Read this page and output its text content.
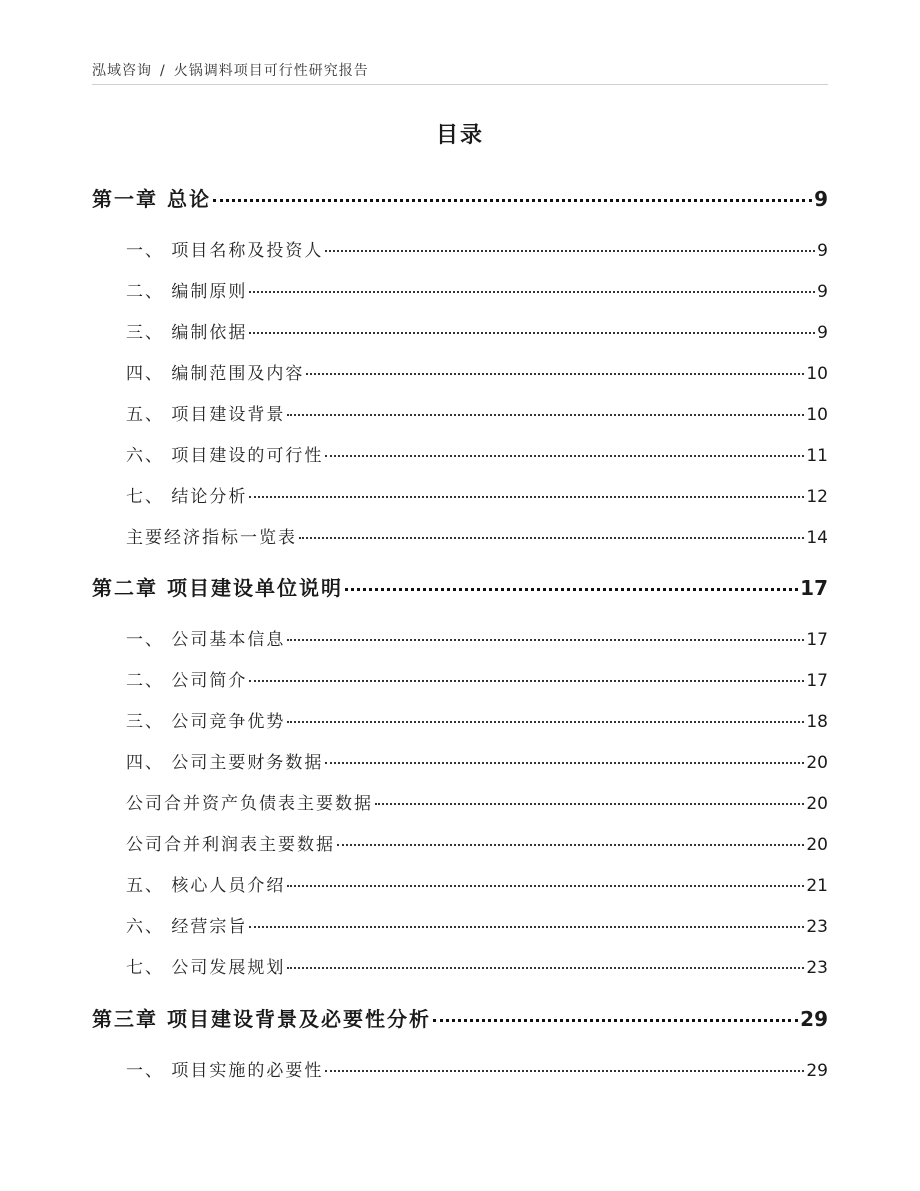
泓域咨询 / 火锅调料项目可行性研究报告
目录
第一章 总论	9
一、 项目名称及投资人	9
二、 编制原则	9
三、 编制依据	9
四、 编制范围及内容	10
五、 项目建设背景	10
六、 项目建设的可行性	11
七、 结论分析	12
主要经济指标一览表	14
第二章 项目建设单位说明	17
一、 公司基本信息	17
二、 公司简介	17
三、 公司竞争优势	18
四、 公司主要财务数据	20
公司合并资产负债表主要数据	20
公司合并利润表主要数据	20
五、 核心人员介绍	21
六、 经营宗旨	23
七、 公司发展规划	23
第三章 项目建设背景及必要性分析	29
一、 项目实施的必要性	29
